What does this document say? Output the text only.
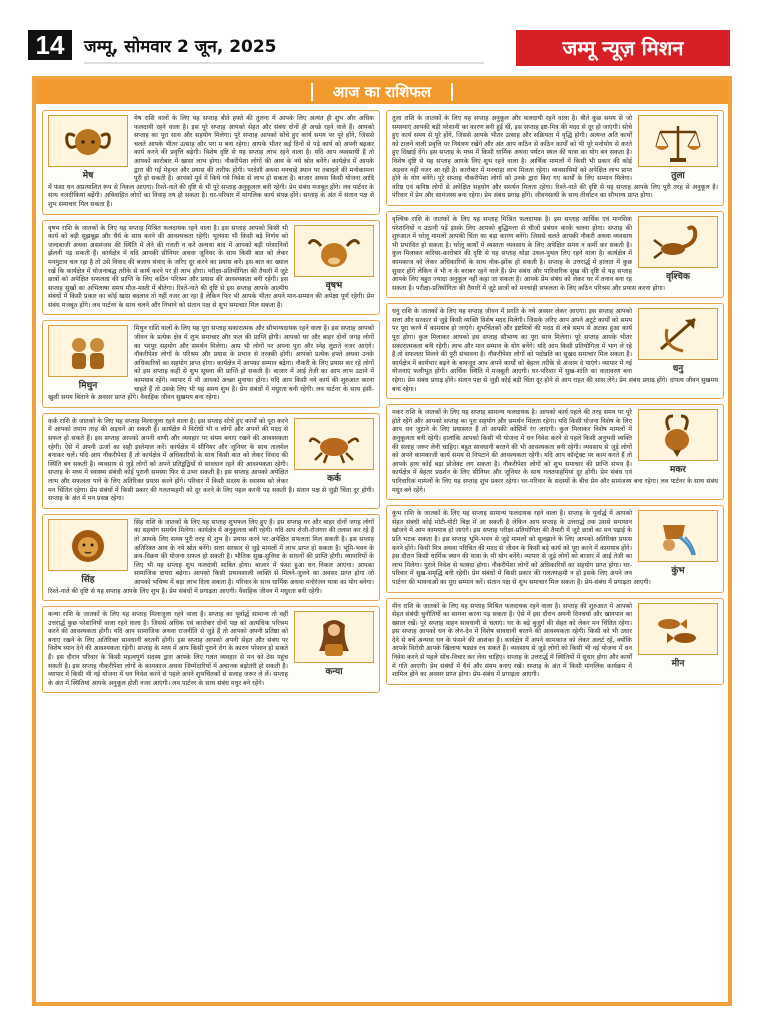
14	जम्मू, सोमवार 2 जून, 2025	जम्मू न्यूज़ मिशन
आज का राशिफल
मेष

मेष राशि वालों के लिए यह सप्ताह बीते हफ्ते की तुलना में आपके लिए अत्यंत ही शुभ और अधिक फलदायी रहने वाला है। इस पूरे सप्ताह आपको सेहत और संबंध दोनों ही अच्छे रहने वाले हैं। आपको सप्ताह का पूरा साथ और सहयोग मिलेगा। पूरे सप्ताह आपको सोचे हुए कार्य समय पर पूरे होंगे, जिससे चलते आपके भीतर उत्साह और परा म बना रहेगा। आपके भीतर कई दिनों से पड़े कार्य को अपनी बढ़कर कार्य करने की प्रवृत्ति बढ़ेगी। विशेष दृष्टि से यह सप्ताह लाभ रहने वाला है। यदि आप व्यवसायी हैं तो आपको कारोबार में खासा लाभ होगा। नौकरीपेशा लोगों की आय के नये स्रोत बनेंगे। कार्यक्षेत्र में आपके द्वारा की गई मेहनत और प्रयास की तारीफ होगी। परदेशी अथवा मनचाहे स्थान पर तबादले की मनोकामना पूरी हो सकती है। आपको पूर्व में किये गये निवेश से लाभ हो सकता है। बाजार अथवा किसी योजना आदि में फंसा धन अप्रत्याशित रूप से निकल आएगा। रिश्ते-नाते की दृष्टि से भी पूरे सप्ताह अनुकूलता बनी रहेगी। प्रेम संबंध मजबूत होंगे। लव पार्टनर के साथ नजदीकियां बढ़ेंगी। अविवाहित लोगों का विवाह तय हो सकता है। घर-परिवार में मांगलिक कार्य संपन्न होंगे। सप्ताह के अंत में संतान पक्ष से शुभ समाचार मिल सकता है।

वृषभ

वृषभ राशि के जातकों के लिए यह सप्ताह मिश्रित फलदायक रहने वाला है। इस सप्ताह आपको किसी भी कार्य को बड़ी सूझबूझ और धैर्य के साथ करने की आवश्यकता रहेगी। भूलवश भी किसी बड़े निर्णय को जल्दबाजी अथवा असमंजस की स्थिति में लेने की गलती न करें अन्यथा बाद में आपको बड़ी परेशानियों झेलनी पड़ सकती हैं। कार्यक्षेत्र में यदि आपकी सीनियर अथवा जूनियर के साथ किसी बात को लेकर मनमुटाव चल रहा है तो उसे विवाद की बजाय संवाद के जरिए दूर करने का प्रयास करें। इस बात का ख्याल रखें कि कार्यक्षेत्र में योजनाबद्ध तरीके से कार्य करने पर ही लाभ होगा। परीक्षा-प्रतियोगिता की तैयारी में जुटे छात्रों को अपेक्षित सफलता की प्राप्ति के लिए कठिन परिश्रम और प्रयास की आवश्यकता बनी रहेगी। इस सप्ताह सुखों का अभिलाषा समय मौज-मस्ती में बीतेगा। रिश्ते-नाते की दृष्टि से इस सप्ताह आपके आत्मीय संबंधों में किसी प्रकार का कोई खास बदलाव तो नहीं नजर आ रहा है लेकिन फिर भी आपके भीतर अपने मान-सम्मान की अपेक्षा पूर्ण रहेगी। प्रेम संबंध मजबूत होंगे। लव पार्टनर के साथ चलने और निभाने को संतान पक्ष से शुभ समाचार मिल सकता है।

मिथुन

मिथुन राशि वालों के लिए यह पूरा सप्ताह सकारात्मक और सौभाग्यदायक रहने वाला है। इस सप्ताह आपको जीवन के प्रत्येक क्षेत्र में शुभ समाचार और फल की प्राप्ति होगी। आपको घर और बाहर दोनों जगह लोगों का भरपूर सहयोग और समर्थन मिलेगा। आप भी लोगों पर अपना पूरा और स्नेह लुटाते नजर आएंगे। नौकरीपेशा लोगों के परिश्रम और प्रयास के प्रभाव से तरक्की होगी। आपको प्रत्येक हफ्ते अथवा उनके अधिकारियों का सहयोग प्राप्त होगा। कार्यक्षेत्र में आपका सम्मान बढ़ेगा। नौकरी के लिए प्रयास कर रहे लोगों को इस सप्ताह कहीं से शुभ सूचना की प्राप्ति हो सकती है। बाजार में आई तेजी का आप लाभ उठाने में कामयाब रहेंगे। व्यापार में भी आपको अच्छा मुनाफा होगा। यदि आप किसी नये कार्य की शुरुआत करना चाहते हैं तो उसके लिए भी यह समय शुभ है। प्रेम संबंधों में मधुरता बनी रहेगी। लव पार्टनर के साथ हंसी-खुशी समय बिताने के अवसर प्राप्त होंगे। वैवाहिक जीवन सुखमय बना रहेगा।

कर्क

कर्क राशि के जातकों के लिए यह सप्ताह मिलाजुला रहने वाला है। इस सप्ताह सोचे हुए कार्यों को पूरा करने में आपको तमाम तरह की अड़चनें आ सकती हैं। कार्यक्षेत्र में विरोधी भी व लोगों और अपनों की मदद से सफल हो सकते हैं। इस सप्ताह आपको अपनी वाणी और व्यवहार पर संयम बनाए रखने की आवश्यकता रहेगी। ऐसे में अपनी ऊर्जा का सही इस्तेमाल करें। कार्यक्षेत्र में सीनियर और जूनियर के साथ तालमेल बनाकर चलें। यदि आप नौकरीपेशा हैं तो कार्यक्षेत्र में अधिकारियों के साथ किसी बात को लेकर विवाद की स्थिति बन सकती है। व्यवसाय से जुड़े लोगों को अपने प्रतिद्वंद्वियों से सावधान रहने की आवश्यकता रहेगी। सप्ताह के मध्य में स्वास्थ्य संबंधी कोई पुरानी समस्या फिर से उभर सकती है। इस सप्ताह आपको अपेक्षित लाभ और सफलता पाने के लिए अतिरिक्त प्रयास करने होंगे। परिवार में किसी सदस्य के स्वास्थ्य को लेकर मन चिंतित रहेगा। प्रेम संबंधों में किसी प्रकार की गलतफहमी को दूर करने के लिए पहल करनी पड़ सकती है। संतान पक्ष से जुड़ी चिंता दूर होगी। सप्ताह के अंत में मन प्रसन्न रहेगा।

सिंह

सिंह राशि के जातकों के लिए यह सप्ताह शुभफल लिए हुए है। इस सप्ताह घर और बाहर दोनों जगह लोगों का सहयोग समर्थन मिलेगा। कार्यक्षेत्र में अनुकूलता बनी रहेगी। यदि आप रोजी-रोजगार की तलाश कर रहे हैं तो आपके लिए समय पूरी तरह से शुभ है। प्रयास करने पर अपेक्षित सफलता मिल सकती है। इस सप्ताह अतिरिक्त आय के नये स्रोत बनेंगे। सत्ता सरकार से जुड़े मामलों में लाभ प्राप्त हो सकता है। भूमि-भवन के क्रय-विक्रय की योजना सफल हो सकती है। भौतिक सुख-सुविधा के साधनों की प्राप्ति होगी। व्यापारियों के लिए भी यह सप्ताह शुभ फलदायी साबित होगा। बाजार में फंसा हुआ धन निकल आएगा। आपका सामाजिक दायरा बढ़ेगा। आपको किसी प्रभावशाली व्यक्ति से मिलने-जुलने का अवसर प्राप्त होगा जो आपको भविष्य में बड़ा लाभ दिला सकता है। परिवार के साथ धार्मिक अथवा मनोरंजन यात्रा का योग बनेगा। रिश्ते-नाते की दृष्टि से यह सप्ताह आपके लिए शुभ है। प्रेम संबंधों में प्रगाढ़ता आएगी। वैवाहिक जीवन में मधुरता बनी रहेगी।

कन्या

कन्या राशि के जातकों के लिए यह सप्ताह मिलाजुला रहने वाला है। सप्ताह का पूर्वार्द्ध सामान्य तो वहीं उत्तरार्द्ध कुछ परेशानियों वाला रहने वाला है। जिससे अधिक एवं कारोबार दोनों पक्ष को अत्यधिक परिश्रम करने की आवश्यकता होगी। यदि आप सामाजिक अथवा राजनीति से जुड़े हैं तो आपको अपनी प्रतिष्ठा को बनाए रखने के लिए अतिरिक्त सावधानी बरतनी होगी। इस सप्ताह आपको अपनी सेहत और संबंध पर विशेष ध्यान देने की आवश्यकता रहेगी। सप्ताह के मध्य में आप किसी पुराने रोग के कारण परेशान हो सकते हैं। इस दौरान परिवार के किसी महत्वपूर्ण सदस्य द्वारा आपके लिए गलत व्यवहार से मन को ठेस पहुंच सकती है। इस सप्ताह नौकरीपेशा लोगों के कामकाज अथवा जिम्मेदारियों में अचानक बढ़ोतरी हो सकती है। व्यापार में किसी भी नई योजना में धन निवेश करने से पहले अपने शुभचिंतकों से सलाह जरूर ले लें। सप्ताह के अंत में स्थितियां आपके अनुकूल होती नजर आएंगी। लव पार्टनर के साथ संबंध मधुर बने रहेंगे।

तुला

तुला राशि के जातकों के लिए यह सप्ताह अनुकूल और फलदायी रहने वाला है। बीते कुछ समय से जो समस्याएं आपकी बड़ी परेशानी का कारण बनी हुई थीं, इस सप्ताह इष्ट-मित्र की मदद से दूर हो जाएंगी। सोचे हुए कार्य समय से पूरे होंगे, जिससे आपके भीतर उत्साह और सक्रियता में वृद्धि होगी। अत्यन्त अति कार्यों को टालने वाली प्रवृत्ति पर नियंत्रण रखेंगे और अंत आप कठिन से कठिन कार्यों को भी पूरे मनोयोग से करते हुए दिखाई देंगे। इस सप्ताह के मध्य में किसी धार्मिक अथवा पर्यटन स्थल की यात्रा का योग बन सकता है। विशेष दृष्टि से यह सप्ताह आपके लिए शुभ रहने वाला है। आर्थिक मामलों में किसी भी प्रकार की कोई अड़चन नहीं नजर आ रही है। कारोबार में मनचाहा लाभ मिलता रहेगा। व्यवसायियों को अपेक्षित लाभ प्राप्त होने के योग बनेंगे। पूरे सप्ताह नौकरीपेशा लोगों को उनके द्वारा किए गए कार्यों के लिए सम्मान मिलेगा। वरिष्ठ एवं कनिष्ठ लोगों से अपेक्षित सहयोग और समर्थन मिलता रहेगा। रिश्ते-नाते की दृष्टि से यह सप्ताह आपके लिए पूरी तरह से अनुकूल है। परिवार में प्रेम और सामंजस्य बना रहेगा। प्रेम संबंध प्रगाढ़ होंगे। जीवनसाथी के साथ तीर्थाटन का सौभाग्य प्राप्त होगा।

वृश्चिक

वृश्चिक राशि के जातकों के लिए यह सप्ताह मिश्रित फलदायक है। इस सप्ताह आर्थिक एवं मानसिक परेशानियों न उठानी पड़ें इसके लिए आपको बुद्धिमत्ता से चीजों प्रबंधन करके चलना होगा। सप्ताह की शुरुआत में धरेलू मामलों आपकी चिंता का बड़ा कारण बनेंगे। जिससे चलते आपकी नौकरी अथवा व्यवसाय भी प्रभावित हो सकता है। घरेलू कार्यों में व्यस्तता व्यवसाय के लिए अपेक्षित समय न कर्मी कर सकती है। कुल मिलाकर करियर-कारोबार की दृष्टि से यह सप्ताह थोड़ा उथल-पुथल लिए रहने वाला है। कार्यक्षेत्र में कामकाज को लेकर अधिकारियों के साथ नोक-झोंक हो सकती है। सप्ताह के उत्तरार्द्ध में हालात में कुछ सुधार होंगे लेकिन वे भी न के बराबर रहने वाले हैं। प्रेम संबंध और पारिवारिक सुख की दृष्टि से यह सप्ताह आपके लिए बहुत ज्यादा अनुकूल नहीं कहा जा सकता है। आपके प्रेम संबंध को लेकर घर में तनाव बना रह सकता है। परीक्षा-प्रतियोगिता की तैयारी में जुटे छात्रों को मनचाही सफलता के लिए कठिन परिश्रम और प्रयास करना होगा।

धनु

धनु राशि के जातकों के लिए यह सप्ताह जीवन में प्रगति के नये अवसर लेकर आएगा। इस सप्ताह आपको सत्ता और सरकार से जुड़े किसी व्यक्ति विशेष मदद मिलेगी। जिसके जरिए आप अपने अटूटे कार्यों को समय पर पूरा करने में कामयाब हो जाएंगे। शुभचिंतकों और इष्टमित्रों की मदद से लंबे समय से अटका हुआ कार्य पूरा होगा। कुल मिलाकर आपको इस सप्ताह सौभाग्य का पूरा साथ मिलेगा। पूरे सप्ताह आपके भीतर सकारात्मकता बनी रहेगी। लाभ और मान सम्मान के योग बनेंगे। यदि आप किसी प्रतियोगिता में भाग ले रहे हैं तो सफलता मिलने की पूरी संभावना है। नौकरीपेशा लोगों को पदोन्नति का सुखद समाचार मिल सकता है। कार्यक्षेत्र में कार्यभार बढ़ने के बावजूद आप अपने कार्यों को बेहतर तरीके से अंजाम दे पाएंगे। व्यापार में नई योजनाएं फलीभूत होंगी। आर्थिक स्थिति में मजबूती आएगी। घर-परिवार में सुख-शांति का वातावरण बना रहेगा। प्रेम संबंध प्रगाढ़ होंगे। संतान पक्ष से जुड़ी कोई बड़ी चिंता दूर होने से आप राहत की सांस लेंगे। प्रेम संबंध प्रगाढ़ होंगे। दांपत्य जीवन सुखमय बना रहेगा।

मकर

मकर राशि के जातकों के लिए यह सप्ताह सामान्य फलदायक है। आपको कार्य पहले की तरह समय पर पूरे होते रहेंगे और आपको सप्ताह का पूरा सहयोग और समर्थन मिलता रहेगा। यदि किसी योजना विशेष के लिए आप धन जुटाने के लिए प्रयासरत हैं तो आपकी कोशिशें रंग लाएंगी। कुल मिलाकर विशेष मामलों में अनुकूलता बनी रहेगी। हालांकि आपको किसी भी योजना में धन निवेश करने से पहले किसी अनुभवी व्यक्ति की सलाह जरूर लेनी चाहिए। बहुत सावधानी बरतने की भी आवश्यकता बनी रहेगी। व्यवसाय से जुड़े लोगों को अपने कामकाजी कार्य समय से निपटाने की आवश्यकता रहेगी। यदि आप कॉन्ट्रेक्ट पर काम करते हैं तो आपके हाथ कोई बड़ा प्रोजेक्ट लग सकता है। नौकरीपेशा लोगों को शुभ समाचार की प्राप्ति संभव है। कार्यक्षेत्र में बेहतर प्रदर्शन के लिए सीनियर और जूनियर के साथ गलतफहमियां दूर होंगी। प्रेम संबंध एवं पारिवारिक मामलों के लिए यह सप्ताह शुभ प्रकार रहेगा। घर-परिवार के सदस्यों के बीच प्रेम और सामंजस्य बना रहेगा। लव पार्टनर के साथ संबंध मधुर बने रहेंगे।

कुंभ

कुंभ राशि के जातकों के लिए यह सप्ताह सामान्य फलदायक रहने वाला है। सप्ताह के पूर्वार्द्ध में आपको सेहत संबंधी कोई मोटी-मोटी बिक्ष में आ सकती है लेकिन आप सप्ताह के उत्तरार्द्ध तक उससे समाधान खोजने में आप कामयाब हो जाएंगे। इस सप्ताह परीक्षा-प्रतियोगिता की तैयारी में जुटे छात्रों का मन पढ़ाई के प्रति भटक सकता है। इस सप्ताह भूमि-भवन से जुड़े मामलों को सुलझाने के लिए आपको अतिरिक्त प्रयास करने होंगे। किसी मित्र अथवा परिचित की मदद से जीवन के किसी बड़े कार्य को पूरा करने में कामयाब होंगे। इस दौरान किसी धार्मिक स्थान की यात्रा के भी योग बनेंगे। व्यापार से जुड़े लोगों को बाजार में आई तेजी का लाभ मिलेगा। पुराने निवेश से फायदा होगा। नौकरीपेशा लोगों को अधिकारियों का सहयोग प्राप्त होगा। घर-परिवार में सुख-समृद्धि बनी रहेगी। प्रेम संबंधों में किसी प्रकार की गलतफहमी न हो इसके लिए अपने लव पार्टनर की भावनाओं का पूरा सम्मान करें। संतान पक्ष से शुभ समाचार मिल सकता है। प्रेम-संबंध में प्रगाढ़ता आएगी।

मीन

मीन राशि के जातकों के लिए यह सप्ताह मिश्रित फलदायक रहने वाला है। सप्ताह की शुरुआत में आपको सेहत संबंधी चुनौतियों का सामना करना पड़ सकता है। ऐसे में इस दौरान अपनी दिनचर्या और खानपान का ख्याल रखें। पूरे सप्ताह वाहन सावधानी से चलाएं। घर के बड़े बुजुर्ग की सेहत को लेकर मन चिंतित रहेगा। इस सप्ताह आपको धन के लेन-देन में विशेष सावधानी बरतने की आवश्यकता रहेगी। किसी को भी उधार देने से बचें अन्यथा धन के फंसने की आशंका है। कार्यक्षेत्र में अपने कामकाज को लेकर अलर्ट रहें, क्योंकि आपके विरोधी आपके खिलाफ षड्यंत्र रच सकते हैं। व्यवसाय से जुड़े लोगों को किसी भी नई योजना में धन निवेश करने से पहले सोच-विचार कर लेना चाहिए। सप्ताह के उत्तरार्द्ध में स्थितियों में सुधार होगा और कार्यों में गति आएगी। प्रेम संबंधों में धैर्य और संयम बनाए रखें। सप्ताह के अंत में किसी मांगलिक कार्यक्रम में शामिल होने का अवसर प्राप्त होगा। प्रेम-संबंध में प्रगाढ़ता आएगी।
